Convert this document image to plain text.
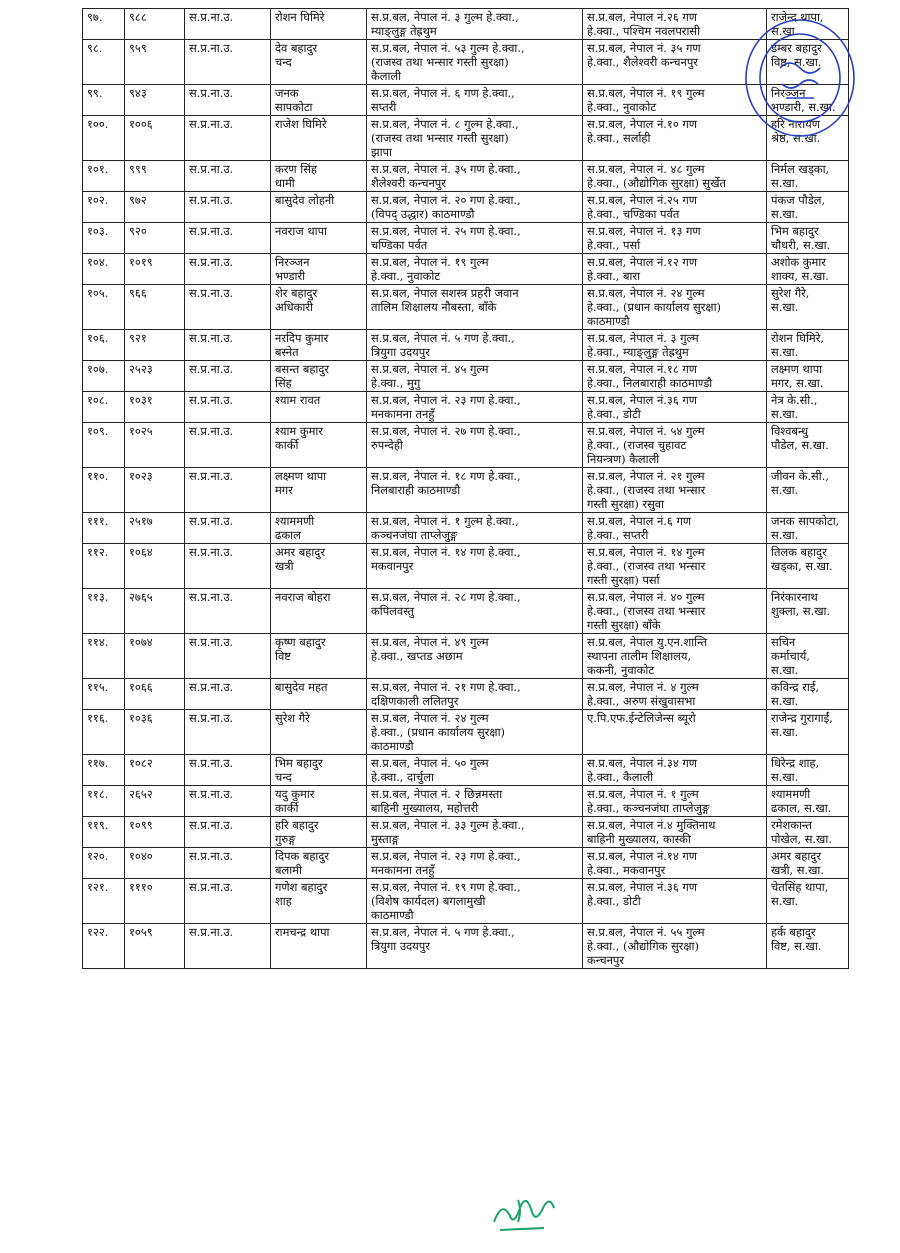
९७.	९८८	स.प्र.ना.उ.	रोशन घिमिरे	स.प्र.बल, नेपाल नं. ३ गुल्म हे.क्वा.,
म्याङ्लुङ्ग तेह्रथुम	स.प्र.बल, नेपाल नं.२६ गण
हे.क्वा., पश्चिम नवलपरासी	राजेन्द्र थापा,
स.खा.

९८.	९५९	स.प्र.ना.उ.	देव बहादुर
चन्द	स.प्र.बल, नेपाल नं. ५३ गुल्म हे.क्वा.,
(राजस्व तथा भन्सार गस्ती सुरक्षा)
कैलाली	स.प्र.बल, नेपाल नं. ३५ गण
हे.क्वा., शैलेश्वरी कन्चनपुर	डम्बर बहादुर
विष्ट, स.खा.

९९.	९४३	स.प्र.ना.उ.	जनक
सापकोटा	स.प्र.बल, नेपाल नं. ६ गण हे.क्वा.,
सप्तरी	स.प्र.बल, नेपाल नं. १९ गुल्म
हे.क्वा., नुवाकोट	निरञ्जन
भण्डारी, स.खा.

१००.	१००६	स.प्र.ना.उ.	राजेश घिमिरे	स.प्र.बल, नेपाल नं. ८ गुल्म हे.क्वा.,
(राजस्व तथा भन्सार गस्ती सुरक्षा)
झापा	स.प्र.बल, नेपाल नं.१० गण
हे.क्वा., सर्लाही	हरि नारायण
श्रेष्ठ, स.खा.

१०१.	९९९	स.प्र.ना.उ.	करण सिंह
धामी	स.प्र.बल, नेपाल नं. ३५ गण हे.क्वा.,
शैलेश्वरी कन्चनपुर	स.प्र.बल, नेपाल नं. ४८ गुल्म
हे.क्वा., (औद्योगिक सुरक्षा) सुर्खेत	निर्मल खड्का,
स.खा.

१०२.	९७२	स.प्र.ना.उ.	बासुदेव लोहनी	स.प्र.बल, नेपाल नं. २० गण हे.क्वा.,
(विपद् उद्धार) काठमाण्डौ	स.प्र.बल, नेपाल नं.२५ गण
हे.क्वा., चण्डिका पर्वत	पंकज पौडेल,
स.खा.

१०३.	९२०	स.प्र.ना.उ.	नवराज थापा	स.प्र.बल, नेपाल नं. २५ गण हे.क्वा.,
चण्डिका पर्वत	स.प्र.बल, नेपाल नं. १३ गण
हे.क्वा., पर्सा	भिम बहादुर
चौधरी, स.खा.

१०४.	१०१९	स.प्र.ना.उ.	निरञ्जन
भण्डारी	स.प्र.बल, नेपाल नं. १९ गुल्म
हे.क्वा., नुवाकोट	स.प्र.बल, नेपाल नं.१२ गण
हे.क्वा., बारा	अशोक कुमार
शाक्य, स.खा.

१०५.	९६६	स.प्र.ना.उ.	शेर बहादुर
अधिकारी	स.प्र.बल, नेपाल सशस्त्र प्रहरी जवान
तालिम शिक्षालय नौबस्ता, बाँके	स.प्र.बल, नेपाल नं. २४ गुल्म
हे.क्वा., (प्रधान कार्यालय सुरक्षा)
काठमाण्डौ	सुरेश गैरे,
स.खा.

१०६.	९२१	स.प्र.ना.उ.	नरदिप कुमार
बस्नेत	स.प्र.बल, नेपाल नं. ५ गण हे.क्वा.,
त्रियुगा उदयपुर	स.प्र.बल, नेपाल नं. ३ गुल्म
हे.क्वा., म्याङ्लुङ्ग तेह्रथुम	रोशन घिमिरे,
स.खा.

१०७.	२५२३	स.प्र.ना.उ.	बसन्त बहादुर
सिंह	स.प्र.बल, नेपाल नं. ४५ गुल्म
हे.क्वा., मुगु	स.प्र.बल, नेपाल नं.१८ गण
हे.क्वा., निलबाराही काठमाण्डौ	लक्ष्मण थापा
मगर, स.खा.

१०८.	१०३१	स.प्र.ना.उ.	श्याम रावत	स.प्र.बल, नेपाल नं. २३ गण हे.क्वा.,
मनकामना तनहुँ	स.प्र.बल, नेपाल नं.३६ गण
हे.क्वा., डोटी	नेत्र के.सी.,
स.खा.

१०९.	१०२५	स.प्र.ना.उ.	श्याम कुमार
कार्की	स.प्र.बल, नेपाल नं. २७ गण हे.क्वा.,
रुपन्देही	स.प्र.बल, नेपाल नं. ५४ गुल्म
हे.क्वा., (राजस्व चुहावट
नियन्त्रण) कैलाली	विश्वबन्धु
पौडेल, स.खा.

११०.	१०२३	स.प्र.ना.उ.	लक्ष्मण थापा
मगर	स.प्र.बल, नेपाल नं. १८ गण हे.क्वा.,
निलबाराही काठमाण्डौ	स.प्र.बल, नेपाल नं. २१ गुल्म
हे.क्वा., (राजस्व तथा भन्सार
गस्ती सुरक्षा) रसुवा	जीवन के.सी.,
स.खा.

१११.	२५१७	स.प्र.ना.उ.	श्याममणी
ढकाल	स.प्र.बल, नेपाल नं. १ गुल्म हे.क्वा.,
कञ्चनजंघा ताप्लेजुङ्ग	स.प्र.बल, नेपाल नं.६ गण
हे.क्वा., सप्तरी	जनक सापकोटा,
स.खा.

११२.	१०६४	स.प्र.ना.उ.	अमर बहादुर
खत्री	स.प्र.बल, नेपाल नं. १४ गण हे.क्वा.,
मकवानपुर	स.प्र.बल, नेपाल नं. १४ गुल्म
हे.क्वा., (राजस्व तथा भन्सार
गस्ती सुरक्षा) पर्सा	तिलक बहादुर
खड्का, स.खा.

११३.	२७६५	स.प्र.ना.उ.	नवराज बोहरा	स.प्र.बल, नेपाल नं. २८ गण हे.क्वा.,
कपिलवस्तु	स.प्र.बल, नेपाल नं. ४० गुल्म
हे.क्वा., (राजस्व तथा भन्सार
गस्ती सुरक्षा) बाँके	निरंकारनाथ
शुक्ला, स.खा.

११४.	१०७४	स.प्र.ना.उ.	कृष्ण बहादुर
विष्ट	स.प्र.बल, नेपाल नं. ४९ गुल्म
हे.क्वा., खप्तड अछाम	स.प्र.बल, नेपाल यु.एन.शान्ति
स्थापना तालीम शिक्षालय,
ककनी, नुवाकोट	सचिन
कर्माचार्य,
स.खा.

११५.	१०६६	स.प्र.ना.उ.	बासुदेव महत	स.प्र.बल, नेपाल नं. २१ गण हे.क्वा.,
दक्षिणकाली ललितपुर	स.प्र.बल, नेपाल नं. ४ गुल्म
हे.क्वा., अरुण संखुवासभा	कविन्द्र राई,
स.खा.

११६.	१०३६	स.प्र.ना.उ.	सुरेश गैरे	स.प्र.बल, नेपाल नं. २४ गुल्म
हे.क्वा., (प्रधान कार्यालय सुरक्षा)
काठमाण्डौ	ए.पि.एफ.ईन्टेलिजेन्स ब्यूरो	राजेन्द्र गुरागाईं,
स.खा.

११७.	१०८२	स.प्र.ना.उ.	भिम बहादुर
चन्द	स.प्र.बल, नेपाल नं. ५० गुल्म
हे.क्वा., दार्चुला	स.प्र.बल, नेपाल नं.३४ गण
हे.क्वा., कैलाली	धिरेन्द्र शाह,
स.खा.

११८.	२६५२	स.प्र.ना.उ.	यदु कुमार
कार्की	स.प्र.बल, नेपाल नं. २ छिन्नमस्ता
बाहिनी मुख्यालय, महोत्तरी	स.प्र.बल, नेपाल नं. १ गुल्म
हे.क्वा., कञ्चनजंघा ताप्लेजुङ्ग	श्याममणी
ढकाल, स.खा.

११९.	१०९९	स.प्र.ना.उ.	हरि बहादुर
गुरुङ्ग	स.प्र.बल, नेपाल नं. ३३ गुल्म हे.क्वा.,
मुस्ताङ्ग	स.प्र.बल, नेपाल नं.४ मुक्तिनाथ
बाहिनी मुख्यालय, कास्की	रमेशकान्त
पोखेल, स.खा.

१२०.	१०४०	स.प्र.ना.उ.	दिपक बहादुर
बलामी	स.प्र.बल, नेपाल नं. २३ गण हे.क्वा.,
मनकामना तनहुँ	स.प्र.बल, नेपाल नं.१४ गण
हे.क्वा., मकवानपुर	अमर बहादुर
खत्री, स.खा.

१२१.	१११०	स.प्र.ना.उ.	गणेश बहादुर
शाह	स.प्र.बल, नेपाल नं. १९ गण हे.क्वा.,
(विशेष कार्यदल) बगलामुखी
काठमाण्डौ	स.प्र.बल, नेपाल नं.३६ गण
हे.क्वा., डोटी	चेतसिंह थापा,
स.खा.

१२२.	१०५९	स.प्र.ना.उ.	रामचन्द्र थापा	स.प्र.बल, नेपाल नं. ५ गण हे.क्वा.,
त्रियुगा उदयपुर	स.प्र.बल, नेपाल नं. ५५ गुल्म
हे.क्वा., (औद्योगिक सुरक्षा)
कन्चनपुर	हर्क बहादुर
विष्ट, स.खा.
